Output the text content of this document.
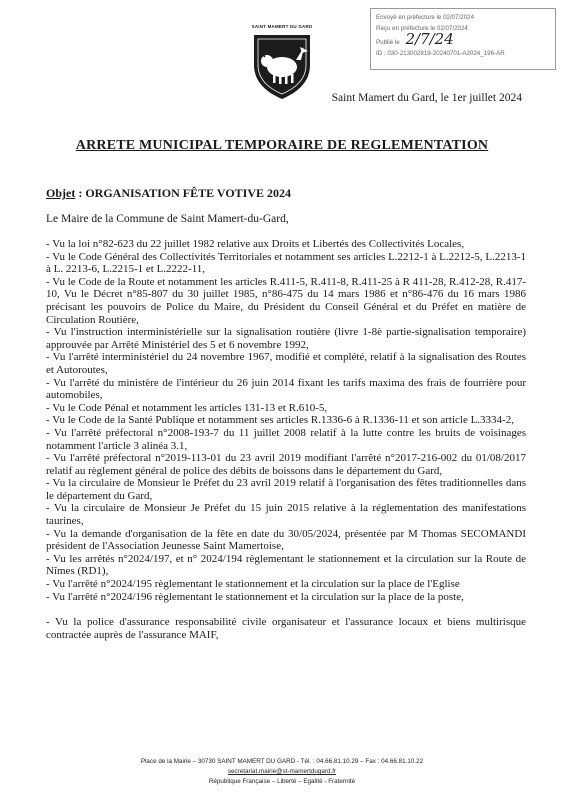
Envoyé en préfecture le 02/07/2024
Reçu en préfecture le 02/07/2024
Publié le 2/7/24
ID : 030-213002819-20240701-A2024_196-AR
SAINT MAMERT DU GARD
Saint Mamert du Gard, le 1er juillet 2024
ARRETE MUNICIPAL TEMPORAIRE DE REGLEMENTATION
Objet : ORGANISATION FÊTE VOTIVE 2024
Le Maire de la Commune de Saint Mamert-du-Gard,

- Vu la loi n°82-623 du 22 juillet 1982 relative aux Droits et Libertés des Collectivités Locales,

- Vu le Code Général des Collectivités Territoriales et notamment ses articles L.2212-1 à L.2212-5, L.2213-1 à L. 2213-6, L.2215-1 et L.2222-11,

- Vu le Code de la Route et notamment les articles R.411-5, R.411-8, R.411-25 à R 411-28, R.412-28, R.417-10, Vu le Décret n°85-807 du 30 juillet 1985, n°86-475 du 14 mars 1986 et n°86-476 du 16 mars 1986 précisant les pouvoirs de Police du Maire, du Président du Conseil Général et du Préfet en matière de Circulation Routière,

- Vu l'instruction interministérielle sur la signalisation routière (livre 1-8è partie-signalisation temporaire) approuvée par Arrêté Ministériel des 5 et 6 novembre 1992,

- Vu l'arrêté interministériel du 24 novembre 1967, modifié et complété, relatif à la signalisation des Routes et Autoroutes,

- Vu l'arrêté du ministère de l'intérieur du 26 juin 2014 fixant les tarifs maxima des frais de fourrière pour automobiles,

- Vu le Code Pénal et notamment les articles 131-13 et R.610-5,

- Vu le Code de la Santé Publique et notamment ses articles R.1336-6 à R.1336-11 et son article L.3334-2,

- Vu l'arrêté préfectoral n°2008-193-7 du 11 juillet 2008 relatif à la lutte contre les bruits de voisinages notamment l'article 3 alinéa 3.1,

- Vu l'arrêté préfectoral n°2019-113-01 du 23 avril 2019 modifiant l'arrêté n°2017-216-002 du 01/08/2017 relatif au règlement général de police des débits de boissons dans le département du Gard,

- Vu la circulaire de Monsieur le Préfet du 23 avril 2019 relatif à l'organisation des fêtes traditionnelles dans le département du Gard,

- Vu la circulaire de Monsieur Je Préfet du 15 juin 2015 relative à la réglementation des manifestations taurines,

- Vu la demande d'organisation de la fête en date du 30/05/2024, présentée par M Thomas SECOMANDI président de l'Association Jeunesse Saint Mamertoise,

- Vu les arrêtés n°2024/197, et n° 2024/194 règlementant le stationnement et la circulation sur la Route de Nîmes (RD1),

- Vu l'arrêté n°2024/195 règlementant le stationnement et la circulation sur la place de l'Eglise

- Vu l'arrêté n°2024/196 règlementant le stationnement et la circulation sur la place de la poste,

- Vu la police d'assurance responsabilité civile organisateur et l'assurance locaux et biens multirisque contractée auprès de l'assurance MAIF,

Place de la Mairie – 30730 SAINT MAMERT DU GARD - Tél. : 04.66.81.10.29 – Fax : 04.66.81.10.22
secretariat.mairie@st-mamertdugard.fr
République Française – Liberté – Egalité - Fraternité
